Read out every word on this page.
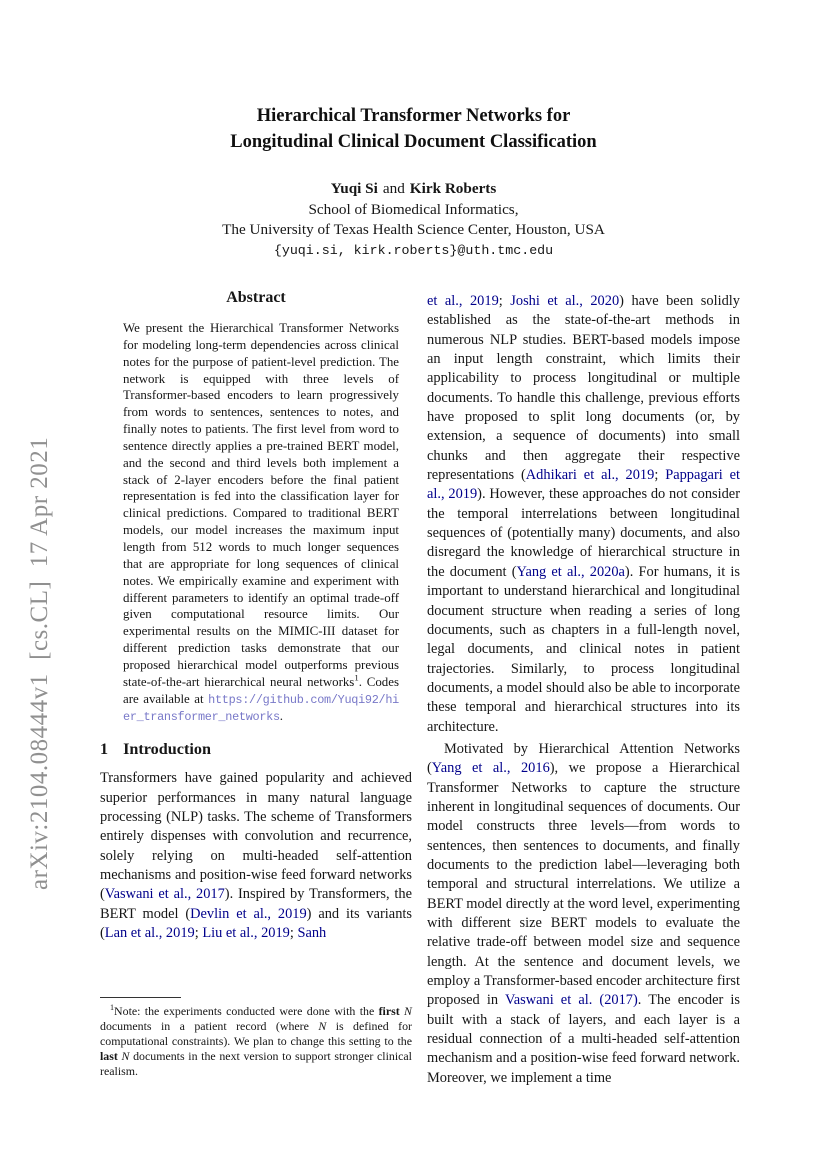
arXiv:2104.08444v1  [cs.CL]  17 Apr 2021
Hierarchical Transformer Networks for
Longitudinal Clinical Document Classification
Yuqi Si and Kirk Roberts
School of Biomedical Informatics,
The University of Texas Health Science Center, Houston, USA
{yuqi.si, kirk.roberts}@uth.tmc.edu
Abstract
We present the Hierarchical Transformer Networks for modeling long-term dependencies across clinical notes for the purpose of patient-level prediction. The network is equipped with three levels of Transformer-based encoders to learn progressively from words to sentences, sentences to notes, and finally notes to patients. The first level from word to sentence directly applies a pre-trained BERT model, and the second and third levels both implement a stack of 2-layer encoders before the final patient representation is fed into the classification layer for clinical predictions. Compared to traditional BERT models, our model increases the maximum input length from 512 words to much longer sequences that are appropriate for long sequences of clinical notes. We empirically examine and experiment with different parameters to identify an optimal trade-off given computational resource limits. Our experimental results on the MIMIC-III dataset for different prediction tasks demonstrate that our proposed hierarchical model outperforms previous state-of-the-art hierarchical neural networks$^1$. Codes are available at https://github.com/Yuqi92/hier_transformer_networks.
1 Introduction

Transformers have gained popularity and achieved superior performances in many natural language processing (NLP) tasks. The scheme of Transformers entirely dispenses with convolution and recurrence, solely relying on multi-headed self-attention mechanisms and position-wise feed forward networks (Vaswani et al., 2017). Inspired by Transformers, the BERT model (Devlin et al., 2019) and its variants (Lan et al., 2019; Liu et al., 2019; Sanh

et al., 2019; Joshi et al., 2020) have been solidly established as the state-of-the-art methods in numerous NLP studies. BERT-based models impose an input length constraint, which limits their applicability to process longitudinal or multiple documents. To handle this challenge, previous efforts have proposed to split long documents (or, by extension, a sequence of documents) into small chunks and then aggregate their respective representations (Adhikari et al., 2019; Pappagari et al., 2019). However, these approaches do not consider the temporal interrelations between longitudinal sequences of (potentially many) documents, and also disregard the knowledge of hierarchical structure in the document (Yang et al., 2020a). For humans, it is important to understand hierarchical and longitudinal document structure when reading a series of long documents, such as chapters in a full-length novel, legal documents, and clinical notes in patient trajectories. Similarly, to process longitudinal documents, a model should also be able to incorporate these temporal and hierarchical structures into its architecture.

Motivated by Hierarchical Attention Networks (Yang et al., 2016), we propose a Hierarchical Transformer Networks to capture the structure inherent in longitudinal sequences of documents. Our model constructs three levels—from words to sentences, then sentences to documents, and finally documents to the prediction label—leveraging both temporal and structural interrelations. We utilize a BERT model directly at the word level, experimenting with different size BERT models to evaluate the relative trade-off between model size and sequence length. At the sentence and document levels, we employ a Transformer-based encoder architecture first proposed in Vaswani et al. (2017). The encoder is built with a stack of layers, and each layer is a residual connection of a multi-headed self-attention mechanism and a position-wise feed forward network. Moreover, we implement a time

$^1$Note: the experiments conducted were done with the first N documents in a patient record (where N is defined for computational constraints). We plan to change this setting to the last N documents in the next version to support stronger clinical realism.
